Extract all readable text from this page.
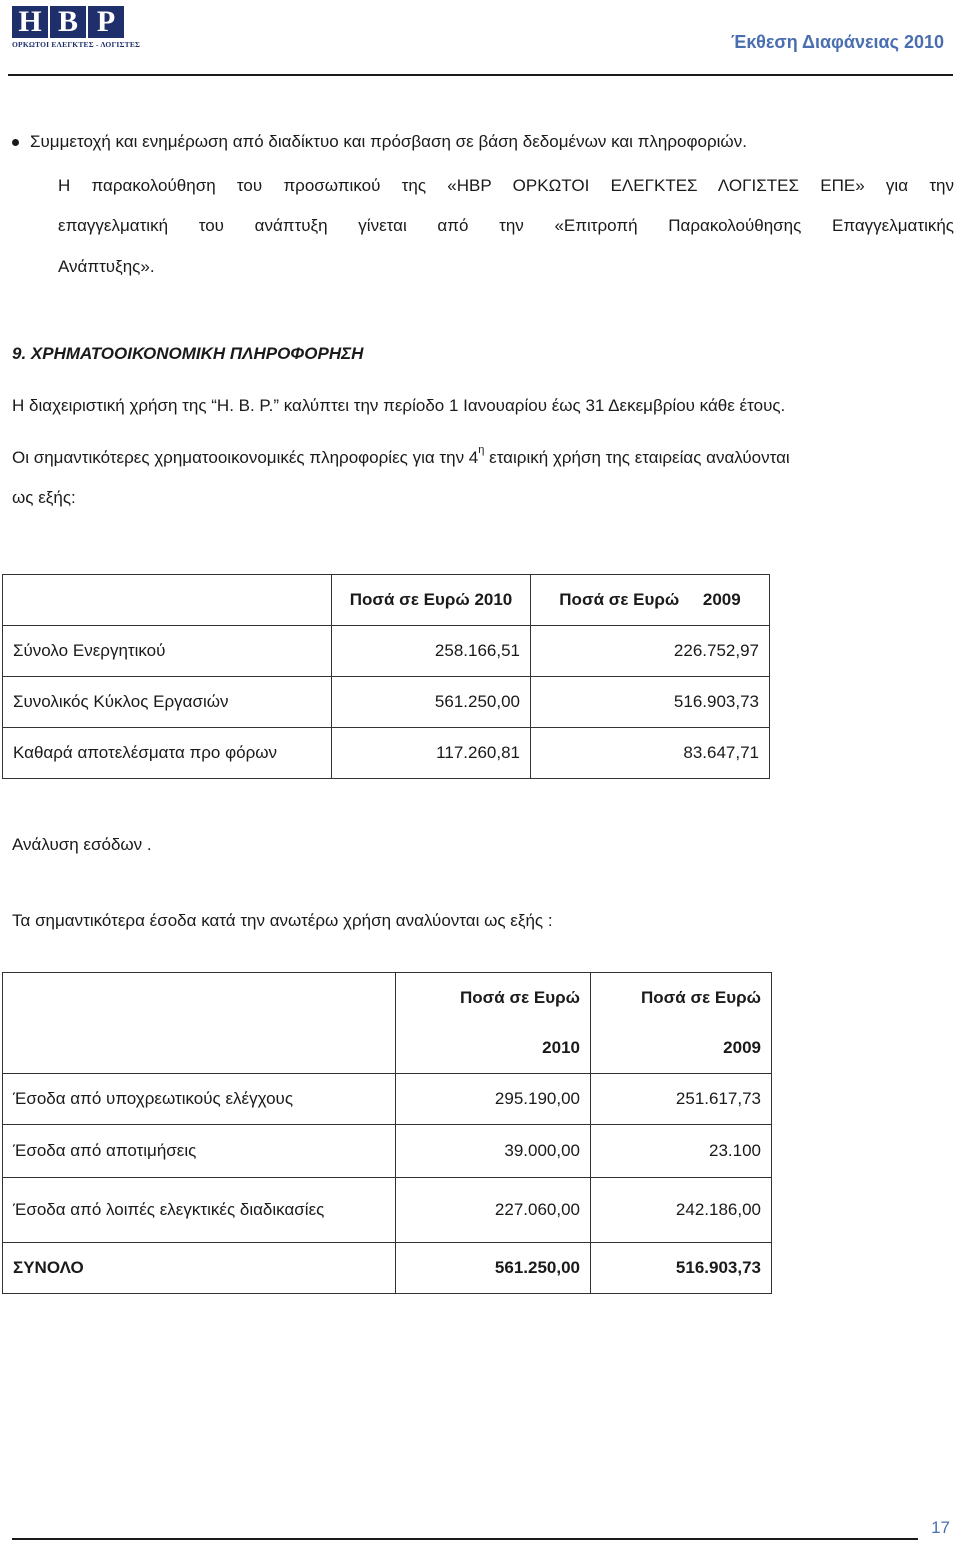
H B P
ΟΡΚΩΤΟΙ ΕΛΕΓΚΤΕΣ - ΛΟΓΙΣΤΕΣ	Έκθεση Διαφάνειας 2010
Συμμετοχή και ενημέρωση από διαδίκτυο και πρόσβαση σε βάση δεδομένων και πληροφοριών.
Η παρακολούθηση του προσωπικού της «HBP ΟΡΚΩΤΟΙ ΕΛΕΓΚΤΕΣ ΛΟΓΙΣΤΕΣ ΕΠΕ» για την
επαγγελματική του ανάπτυξη γίνεται από την «Επιτροπή Παρακολούθησης Επαγγελματικής
Ανάπτυξης».
9. ΧΡΗΜΑΤΟΟΙΚΟΝΟΜΙΚΗ ΠΛΗΡΟΦΟΡΗΣΗ
Η διαχειριστική χρήση της “Η. Β. Ρ.” καλύπτει την περίοδο 1 Ιανουαρίου έως 31 Δεκεμβρίου κάθε έτους.
Οι σημαντικότερες χρηματοοικονομικές πληροφορίες για την $4^\eta$ εταιρική χρήση της εταιρείας αναλύονται
ως εξής:
	Ποσά σε Ευρώ 2010	Ποσά σε Ευρώ     2009
Σύνολο Ενεργητικού	258.166,51	226.752,97
Συνολικός Κύκλος Εργασιών	561.250,00	516.903,73
Καθαρά αποτελέσματα προ φόρων	117.260,81	83.647,71
Ανάλυση εσόδων .
Τα σημαντικότερα έσοδα κατά την ανωτέρω χρήση αναλύονται ως εξής :
	Ποσά σε Ευρώ	Ποσά σε Ευρώ
	2010	2009
Έσοδα από υποχρεωτικούς ελέγχους	295.190,00	251.617,73
Έσοδα από αποτιμήσεις	39.000,00	23.100
Έσοδα από λοιπές ελεγκτικές διαδικασίες	227.060,00	242.186,00
ΣΥΝΟΛΟ	561.250,00	516.903,73
17
